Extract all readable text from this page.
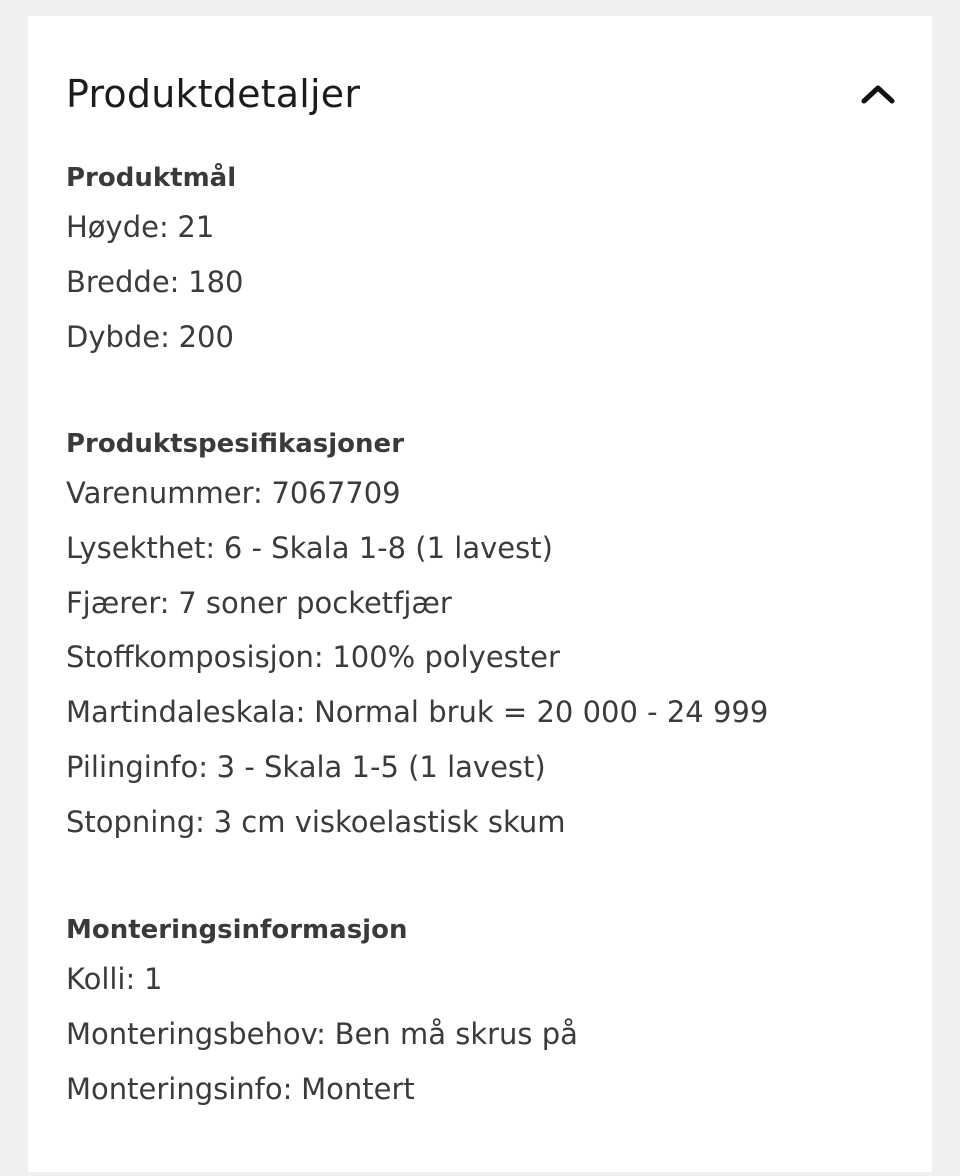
Produktdetaljer
Produktmål
Høyde: 21
Bredde: 180
Dybde: 200
Produktspesifikasjoner
Varenummer: 7067709
Lysekthet: 6 - Skala 1-8 (1 lavest)
Fjærer: 7 soner pocketfjær
Stoffkomposisjon: 100% polyester
Martindaleskala: Normal bruk = 20 000 - 24 999
Pilinginfo: 3 - Skala 1-5 (1 lavest)
Stopning: 3 cm viskoelastisk skum
Monteringsinformasjon
Kolli: 1
Monteringsbehov: Ben må skrus på
Monteringsinfo: Montert
